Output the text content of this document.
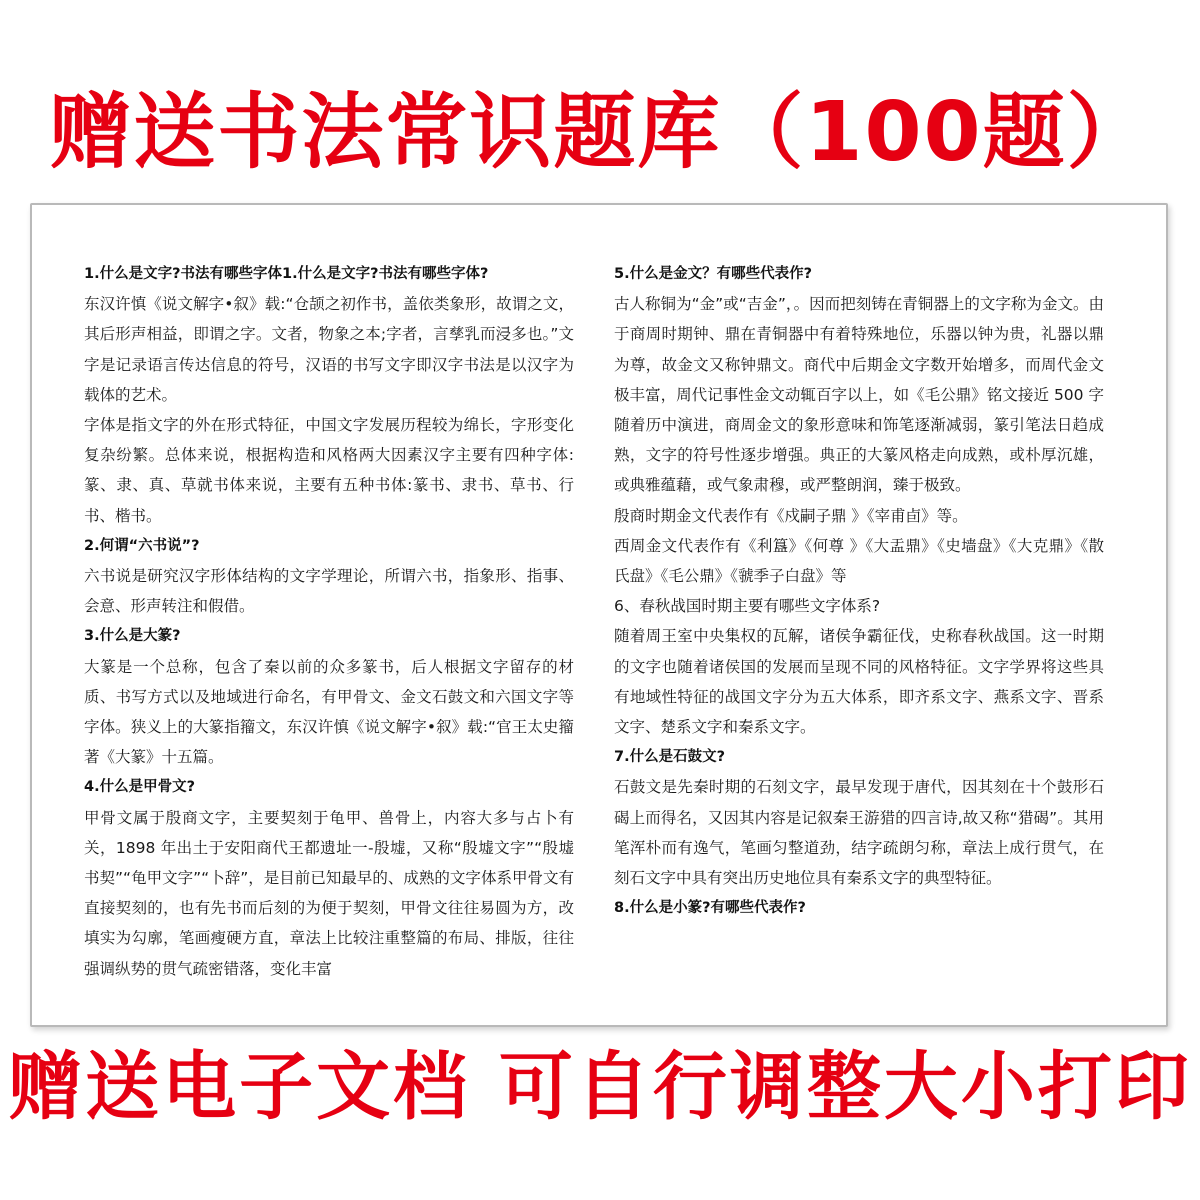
赠送书法常识题库（100题）
1.什么是文字?书法有哪些字体1.什么是文字?书法有哪些字体?
东汉许慎《说文解字•叙》载:“仓颉之初作书，盖依类象形，故谓之文，其后形声相益，即谓之字。文者，物象之本;字者，言孳乳而浸多也。”文字是记录语言传达信息的符号，汉语的书写文字即汉字书法是以汉字为载体的艺术。
字体是指文字的外在形式特征，中国文字发展历程较为绵长，字形变化复杂纷繁。总体来说，根据构造和风格两大因素汉字主要有四种字体:篆、隶、真、草就书体来说，主要有五种书体:篆书、隶书、草书、行书、楷书。
2.何谓“六书说”?
六书说是研究汉字形体结构的文字学理论，所谓六书，指象形、指事、会意、形声转注和假借。
3.什么是大篆?
大篆是一个总称，包含了秦以前的众多篆书，后人根据文字留存的材质、书写方式以及地域进行命名，有甲骨文、金文石鼓文和六国文字等字体。狭义上的大篆指籀文，东汉许慎《说文解字•叙》载:“官王太史籀著《大篆》十五篇。
4.什么是甲骨文?
甲骨文属于殷商文字，主要契刻于龟甲、兽骨上，内容大多与占卜有关，1898 年出土于安阳商代王都遗址一-殷墟，又称“殷墟文字”“殷墟书契”“龟甲文字”“卜辞”，是目前已知最早的、成熟的文字体系甲骨文有直接契刻的，也有先书而后刻的为便于契刻，甲骨文往往易圆为方，改填实为勾廓，笔画瘦硬方直，章法上比较注重整篇的布局、排版，往往强调纵势的贯气疏密错落，变化丰富
5.什么是金文？有哪些代表作?
古人称铜为“金”或“吉金”，。因而把刻铸在青铜器上的文字称为金文。由于商周时期钟、鼎在青铜器中有着特殊地位，乐器以钟为贵，礼器以鼎为尊，故金文又称钟鼎文。商代中后期金文字数开始增多，而周代金文极丰富，周代记事性金文动辄百字以上，如《毛公鼎》铭文接近 500 字随着历中演进，商周金文的象形意味和饰笔逐渐减弱，篆引笔法日趋成熟，文字的符号性逐步增强。典正的大篆风格走向成熟，或朴厚沉雄，或典雅蕴藉，或气象肃穆，或严整朗润，臻于极致。
殷商时期金文代表作有《戍嗣子鼎 》《宰甫卣》等。
西周金文代表作有《利簋》《何尊 》《大盂鼎》《史墙盘》《大克鼎》《散氏盘》《毛公鼎》《虢季子白盘》等
6、春秋战国时期主要有哪些文字体系?
随着周王室中央集权的瓦解，诸侯争霸征伐，史称春秋战国。这一时期的文字也随着诸侯国的发展而呈现不同的风格特征。文字学界将这些具有地域性特征的战国文字分为五大体系，即齐系文字、燕系文字、晋系文字、楚系文字和秦系文字。
7.什么是石鼓文?
石鼓文是先秦时期的石刻文字，最早发现于唐代，因其刻在十个鼓形石碣上而得名，又因其内容是记叙秦王游猎的四言诗,故又称“猎碣”。其用笔浑朴而有逸气，笔画匀整道劲，结字疏朗匀称，章法上成行贯气，在刻石文字中具有突出历史地位具有秦系文字的典型特征。
8.什么是小篆?有哪些代表作?
赠送电子文档 可自行调整大小打印
